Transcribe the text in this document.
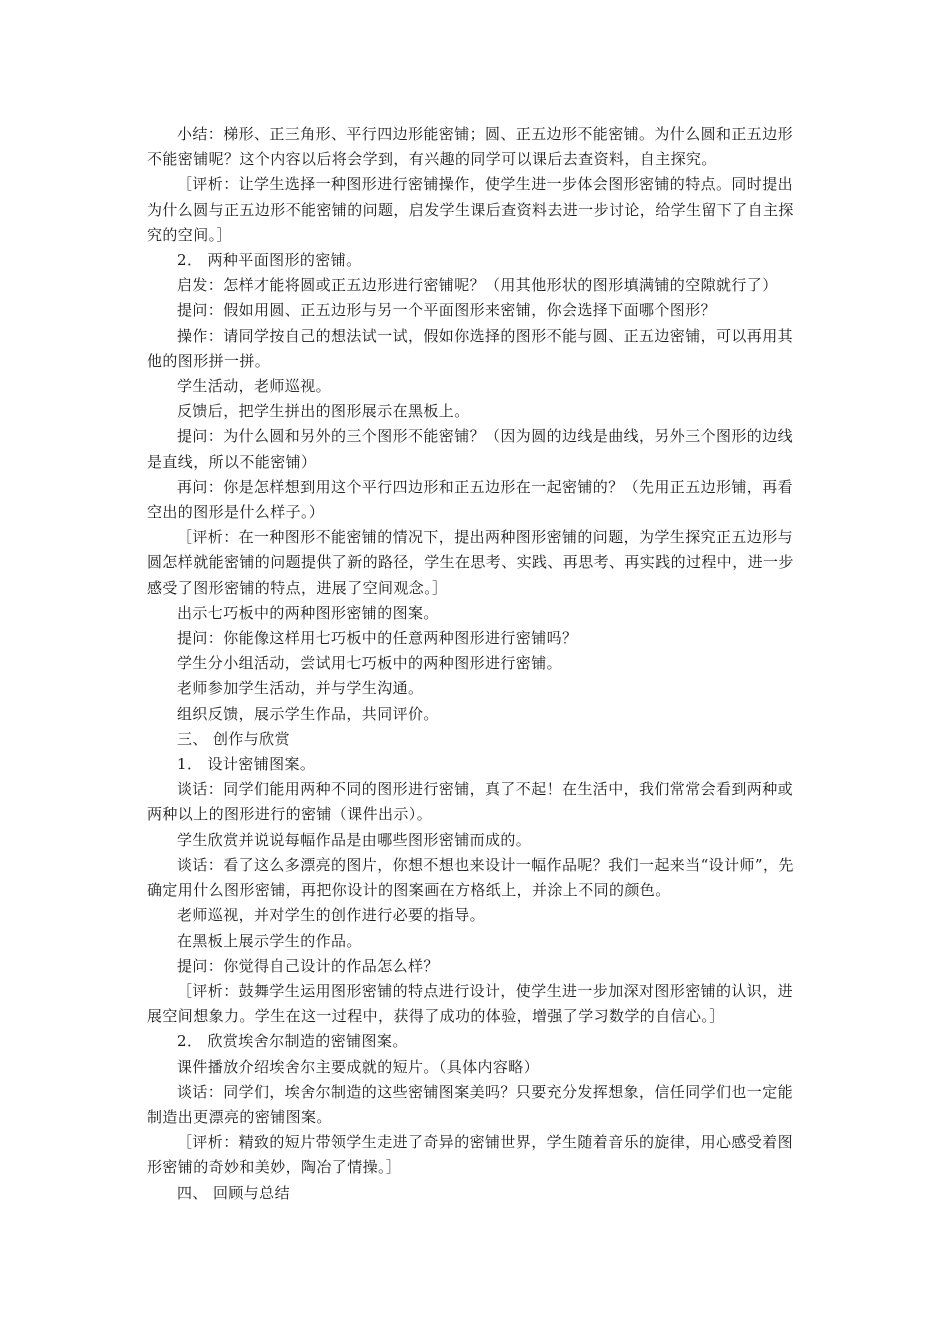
小结：梯形、正三角形、平行四边形能密铺；圆、正五边形不能密铺。为什么圆和正五边形不能密铺呢？这个内容以后将会学到，有兴趣的同学可以课后去查资料，自主探究。

［评析：让学生选择一种图形进行密铺操作，使学生进一步体会图形密铺的特点。同时提出为什么圆与正五边形不能密铺的问题，启发学生课后查资料去进一步讨论，给学生留下了自主探究的空间。］

2． 两种平面图形的密铺。

启发：怎样才能将圆或正五边形进行密铺呢？（用其他形状的图形填满铺的空隙就行了）

提问：假如用圆、正五边形与另一个平面图形来密铺，你会选择下面哪个图形？

操作：请同学按自己的想法试一试，假如你选择的图形不能与圆、正五边密铺，可以再用其他的图形拼一拼。

学生活动，老师巡视。

反馈后，把学生拼出的图形展示在黑板上。

提问：为什么圆和另外的三个图形不能密铺？（因为圆的边线是曲线，另外三个图形的边线是直线，所以不能密铺）

再问：你是怎样想到用这个平行四边形和正五边形在一起密铺的？（先用正五边形铺，再看空出的图形是什么样子。）

［评析：在一种图形不能密铺的情况下，提出两种图形密铺的问题，为学生探究正五边形与圆怎样就能密铺的问题提供了新的路径，学生在思考、实践、再思考、再实践的过程中，进一步感受了图形密铺的特点，进展了空间观念。］

出示七巧板中的两种图形密铺的图案。

提问：你能像这样用七巧板中的任意两种图形进行密铺吗？

学生分小组活动，尝试用七巧板中的两种图形进行密铺。

老师参加学生活动，并与学生沟通。

组织反馈，展示学生作品，共同评价。

三、 创作与欣赏

1． 设计密铺图案。

谈话：同学们能用两种不同的图形进行密铺，真了不起！在生活中，我们常常会看到两种或两种以上的图形进行的密铺（课件出示）。

学生欣赏并说说每幅作品是由哪些图形密铺而成的。

谈话：看了这么多漂亮的图片，你想不想也来设计一幅作品呢？我们一起来当“设计师”，先确定用什么图形密铺，再把你设计的图案画在方格纸上，并涂上不同的颜色。

老师巡视，并对学生的创作进行必要的指导。

在黑板上展示学生的作品。

提问：你觉得自己设计的作品怎么样？

［评析：鼓舞学生运用图形密铺的特点进行设计，使学生进一步加深对图形密铺的认识，进展空间想象力。学生在这一过程中，获得了成功的体验，增强了学习数学的自信心。］

2． 欣赏埃舍尔制造的密铺图案。

课件播放介绍埃舍尔主要成就的短片。（具体内容略）

谈话：同学们，埃舍尔制造的这些密铺图案美吗？只要充分发挥想象，信任同学们也一定能制造出更漂亮的密铺图案。

［评析：精致的短片带领学生走进了奇异的密铺世界，学生随着音乐的旋律，用心感受着图形密铺的奇妙和美妙，陶冶了情操。］

四、 回顾与总结
